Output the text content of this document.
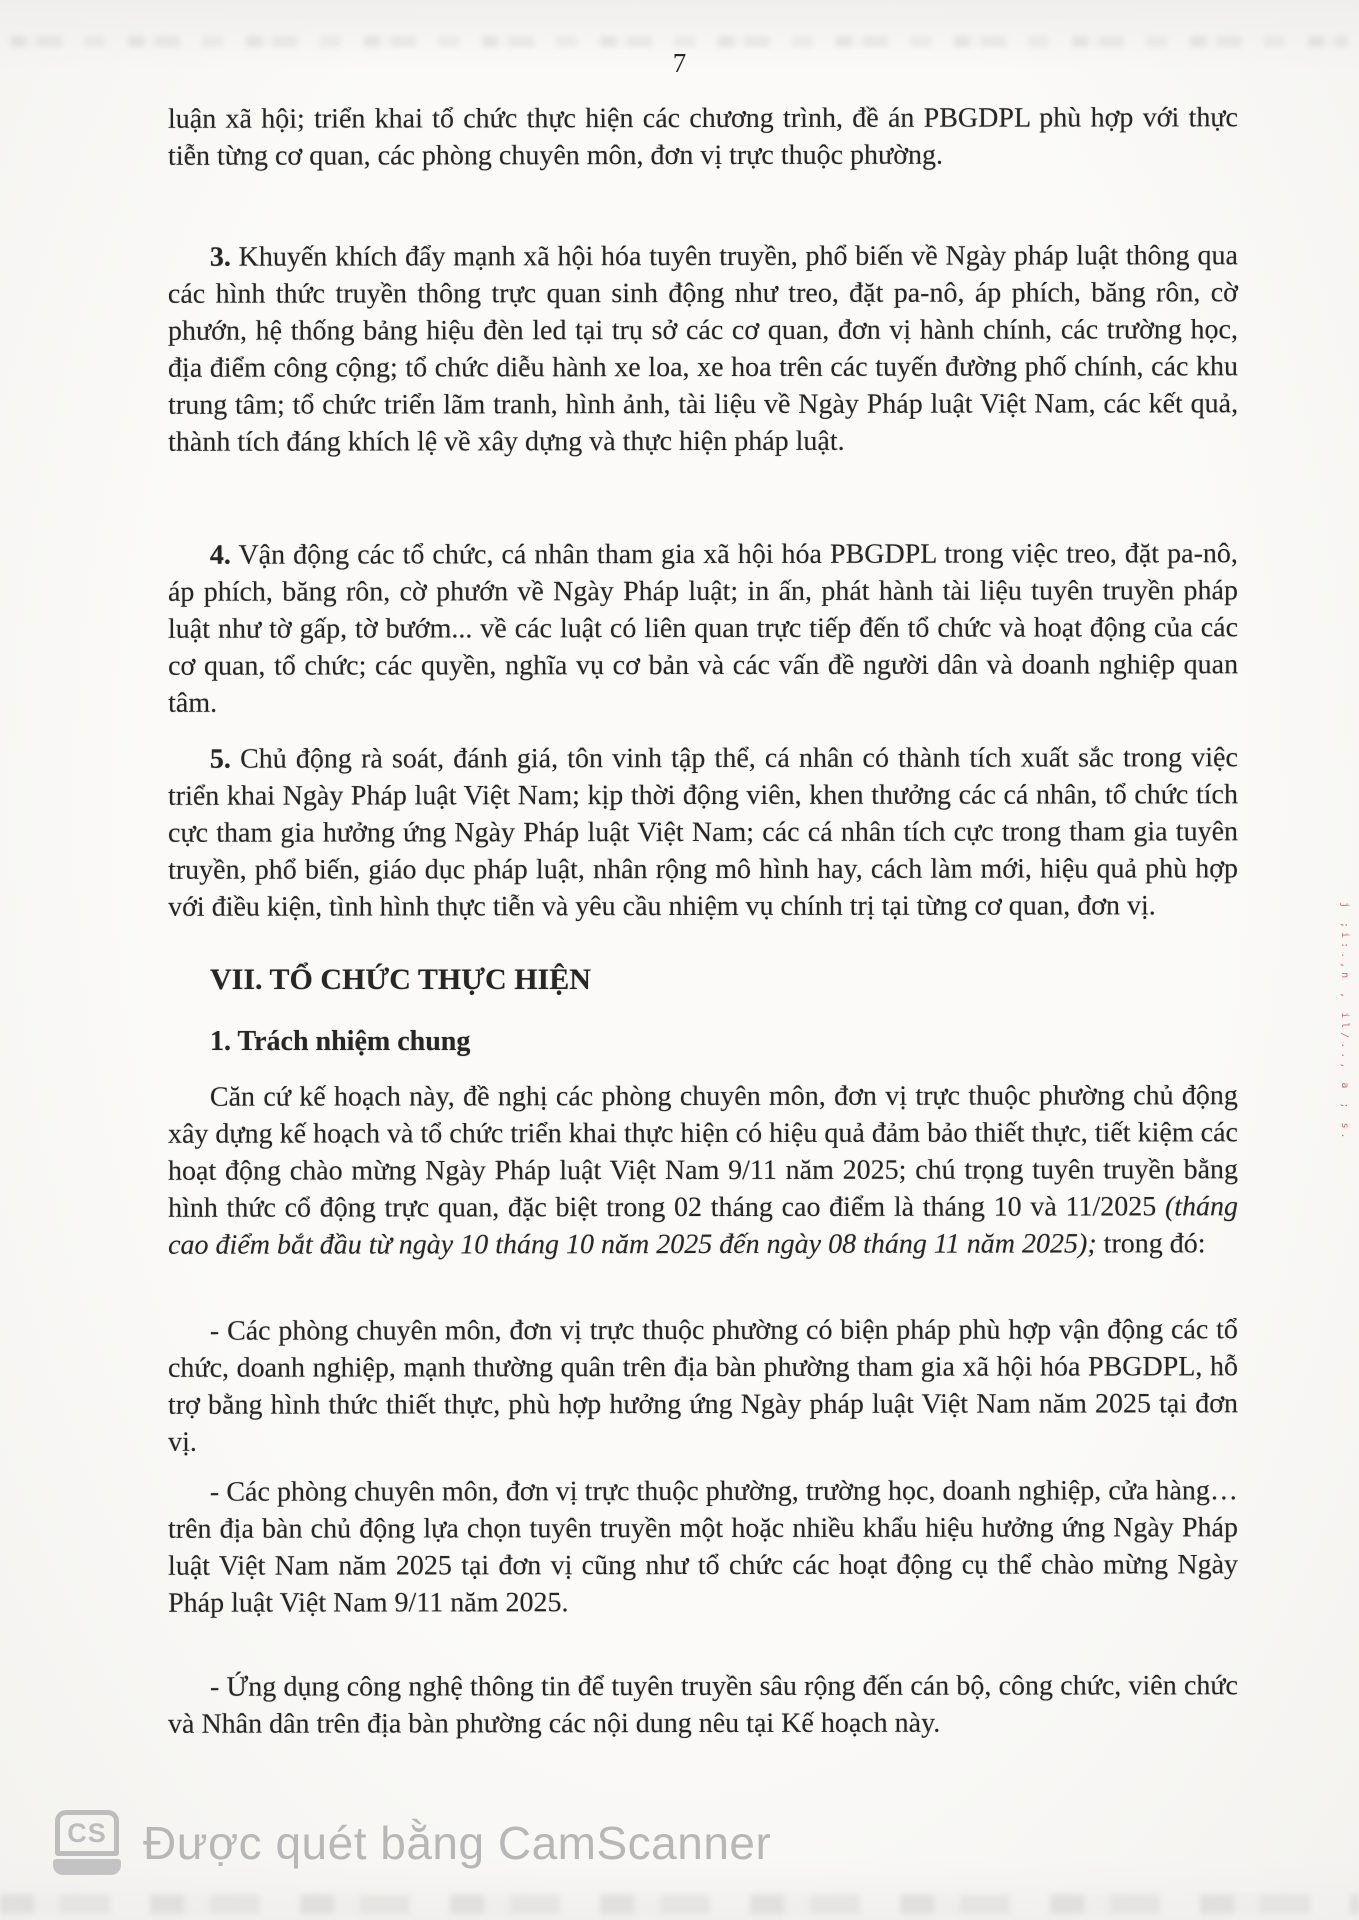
7
luận xã hội; triển khai tổ chức thực hiện các chương trình, đề án PBGDPL phù hợp với thực tiễn từng cơ quan, các phòng chuyên môn, đơn vị trực thuộc phường.
3. Khuyến khích đẩy mạnh xã hội hóa tuyên truyền, phổ biến về Ngày pháp luật thông qua các hình thức truyền thông trực quan sinh động như treo, đặt pa-nô, áp phích, băng rôn, cờ phướn, hệ thống bảng hiệu đèn led tại trụ sở các cơ quan, đơn vị hành chính, các trường học, địa điểm công cộng; tổ chức diễu hành xe loa, xe hoa trên các tuyến đường phố chính, các khu trung tâm; tổ chức triển lãm tranh, hình ảnh, tài liệu về Ngày Pháp luật Việt Nam, các kết quả, thành tích đáng khích lệ về xây dựng và thực hiện pháp luật.
4. Vận động các tổ chức, cá nhân tham gia xã hội hóa PBGDPL trong việc treo, đặt pa-nô, áp phích, băng rôn, cờ phướn về Ngày Pháp luật; in ấn, phát hành tài liệu tuyên truyền pháp luật như tờ gấp, tờ bướm... về các luật có liên quan trực tiếp đến tổ chức và hoạt động của các cơ quan, tổ chức; các quyền, nghĩa vụ cơ bản và các vấn đề người dân và doanh nghiệp quan tâm.
5. Chủ động rà soát, đánh giá, tôn vinh tập thể, cá nhân có thành tích xuất sắc trong việc triển khai Ngày Pháp luật Việt Nam; kịp thời động viên, khen thưởng các cá nhân, tổ chức tích cực tham gia hưởng ứng Ngày Pháp luật Việt Nam; các cá nhân tích cực trong tham gia tuyên truyền, phổ biến, giáo dục pháp luật, nhân rộng mô hình hay, cách làm mới, hiệu quả phù hợp với điều kiện, tình hình thực tiễn và yêu cầu nhiệm vụ chính trị tại từng cơ quan, đơn vị.
VII. TỔ CHỨC THỰC HIỆN
1. Trách nhiệm chung
Căn cứ kế hoạch này, đề nghị các phòng chuyên môn, đơn vị trực thuộc phường chủ động xây dựng kế hoạch và tổ chức triển khai thực hiện có hiệu quả đảm bảo thiết thực, tiết kiệm các hoạt động chào mừng Ngày Pháp luật Việt Nam 9/11 năm 2025; chú trọng tuyên truyền bằng hình thức cổ động trực quan, đặc biệt trong 02 tháng cao điểm là tháng 10 và 11/2025 (tháng cao điểm bắt đầu từ ngày 10 tháng 10 năm 2025 đến ngày 08 tháng 11 năm 2025); trong đó:
- Các phòng chuyên môn, đơn vị trực thuộc phường có biện pháp phù hợp vận động các tổ chức, doanh nghiệp, mạnh thường quân trên địa bàn phường tham gia xã hội hóa PBGDPL, hỗ trợ bằng hình thức thiết thực, phù hợp hưởng ứng Ngày pháp luật Việt Nam năm 2025 tại đơn vị.
- Các phòng chuyên môn, đơn vị trực thuộc phường, trường học, doanh nghiệp, cửa hàng…trên địa bàn chủ động lựa chọn tuyên truyền một hoặc nhiều khẩu hiệu hưởng ứng Ngày Pháp luật Việt Nam năm 2025 tại đơn vị cũng như tổ chức các hoạt động cụ thể chào mừng Ngày Pháp luật Việt Nam 9/11 năm 2025.
- Ứng dụng công nghệ thông tin để tuyên truyền sâu rộng đến cán bộ, công chức, viên chức và Nhân dân trên địa bàn phường các nội dung nêu tại Kế hoạch này.
j ;i:.,n , il/.., a ; s.
CS Được quét bằng CamScanner
